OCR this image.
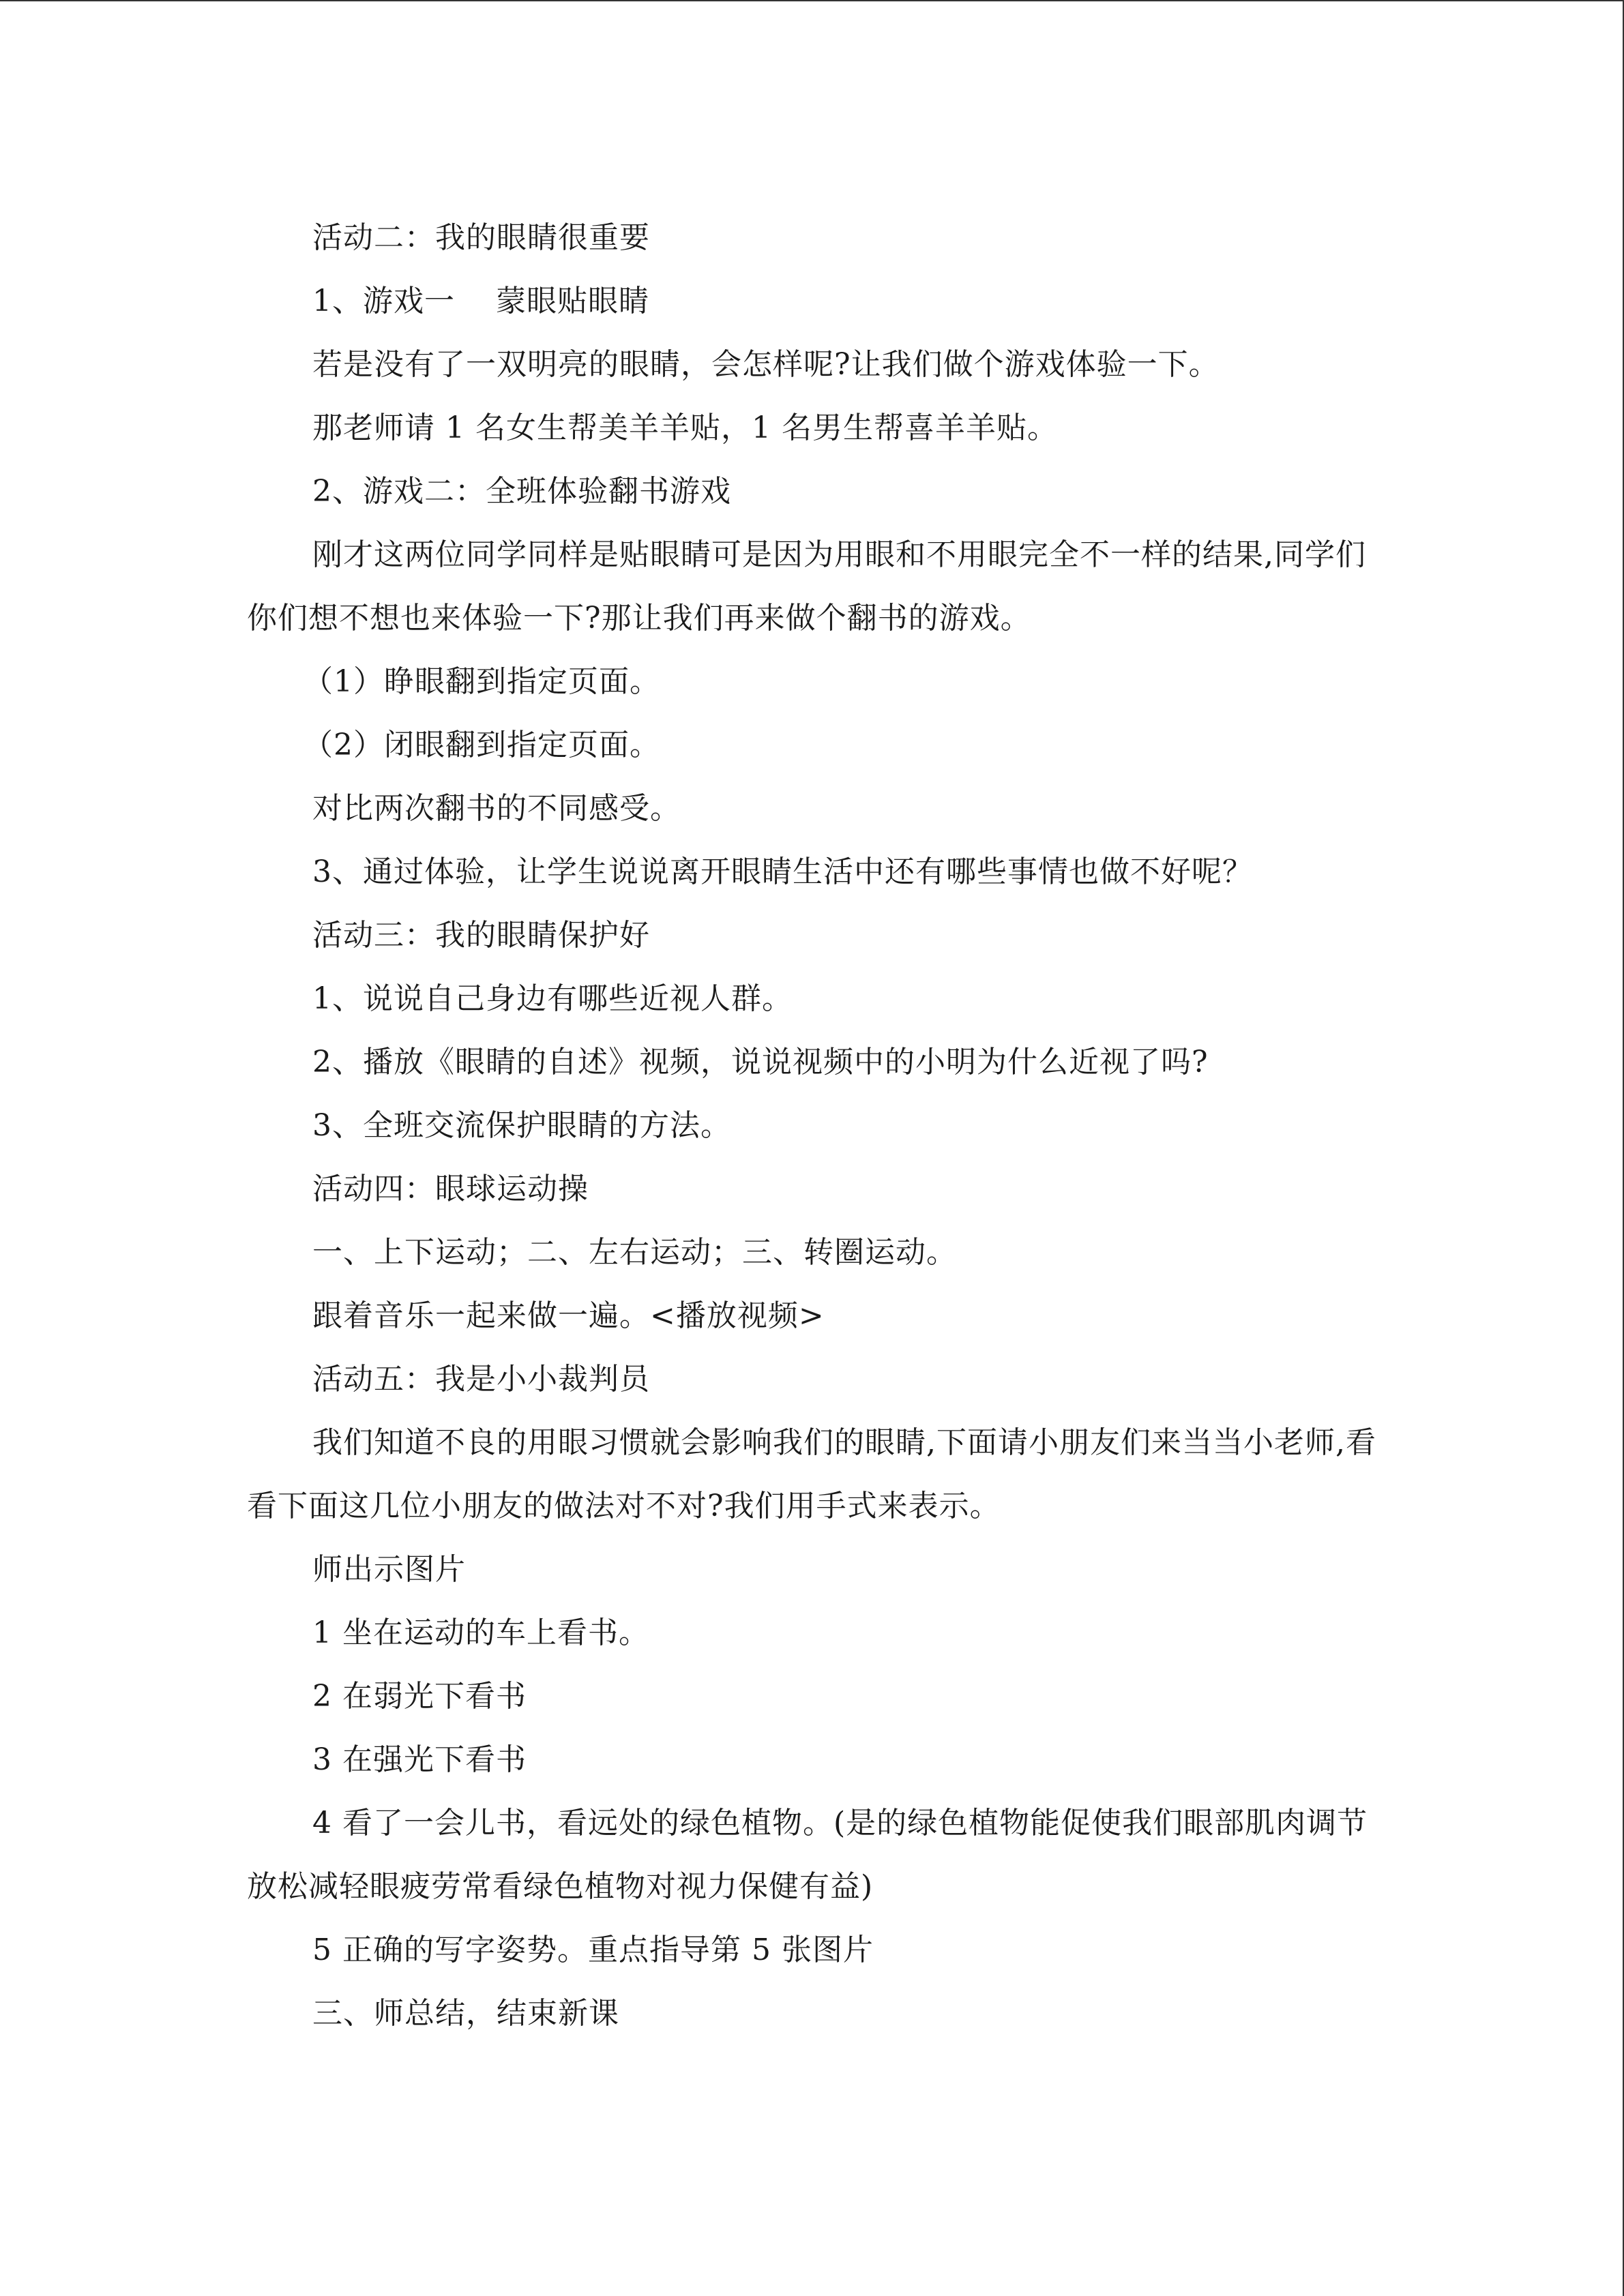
活动二：我的眼睛很重要

1、游戏一　 蒙眼贴眼睛

若是没有了一双明亮的眼睛，会怎样呢?让我们做个游戏体验一下。

那老师请 1 名女生帮美羊羊贴，1 名男生帮喜羊羊贴。

2、游戏二：全班体验翻书游戏

刚才这两位同学同样是贴眼睛可是因为用眼和不用眼完全不一样的结果,同学们你们想不想也来体验一下?那让我们再来做个翻书的游戏。

（1）睁眼翻到指定页面。

（2）闭眼翻到指定页面。

对比两次翻书的不同感受。

3、通过体验，让学生说说离开眼睛生活中还有哪些事情也做不好呢？

活动三：我的眼睛保护好

1、说说自己身边有哪些近视人群。

2、播放《眼睛的自述》视频，说说视频中的小明为什么近视了吗?

3、全班交流保护眼睛的方法。

活动四：眼球运动操

一、上下运动；二、左右运动；三、转圈运动。

跟着音乐一起来做一遍。<播放视频>

活动五：我是小小裁判员

我们知道不良的用眼习惯就会影响我们的眼睛,下面请小朋友们来当当小老师,看看下面这几位小朋友的做法对不对?我们用手式来表示。

师出示图片

1 坐在运动的车上看书。

2 在弱光下看书

3 在强光下看书

4 看了一会儿书，看远处的绿色植物。(是的绿色植物能促使我们眼部肌肉调节放松减轻眼疲劳常看绿色植物对视力保健有益)

5 正确的写字姿势。重点指导第 5 张图片

三、师总结，结束新课
